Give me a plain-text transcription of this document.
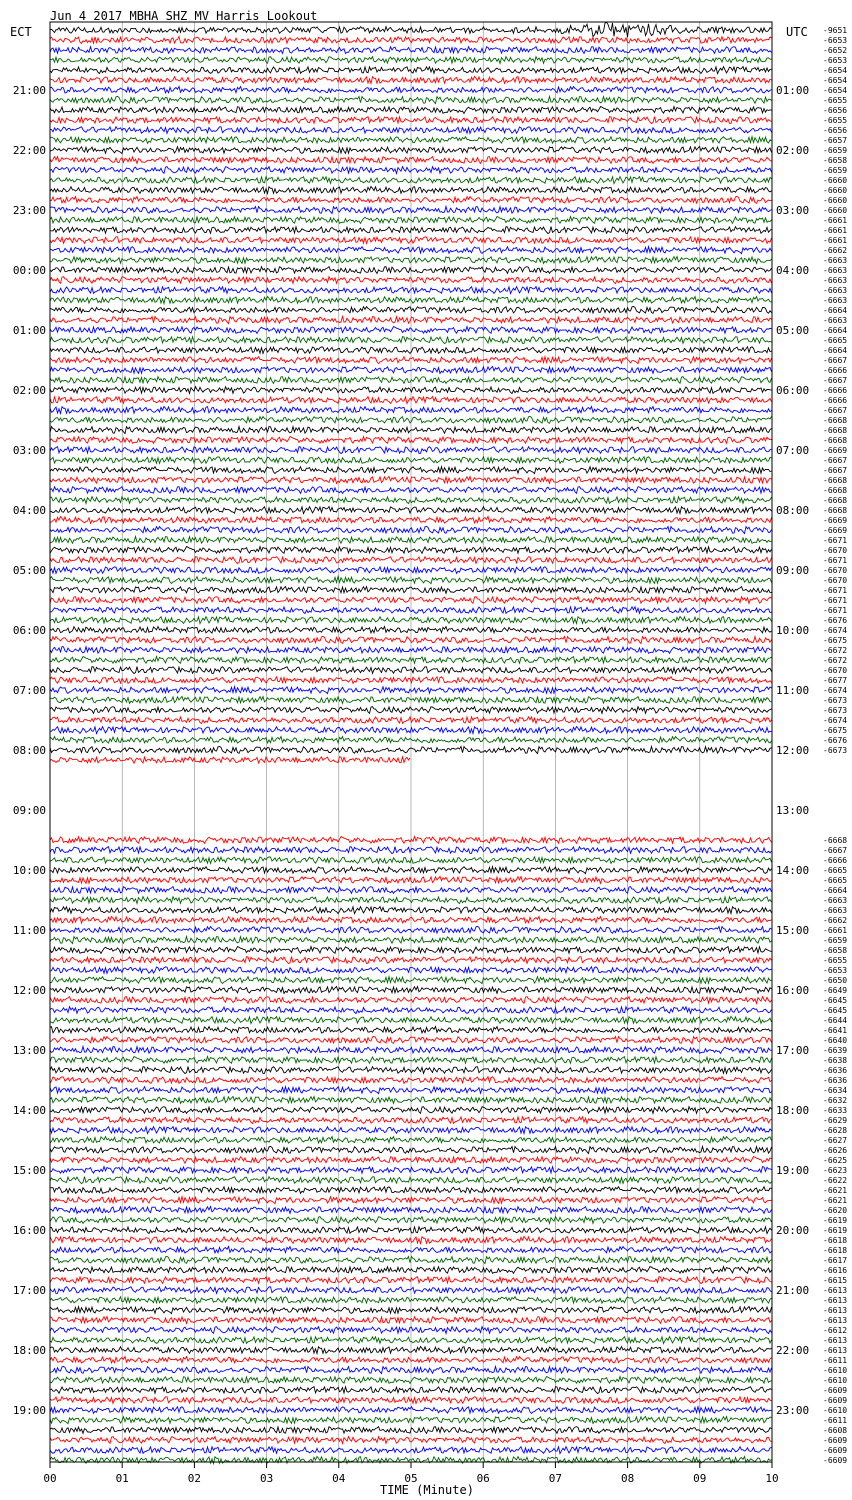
Jun 4 2017 MBHA SHZ MV Harris Lookout
ECT	UTC
TIME (Minute)
00	01	02	03	04	05	06	07	08	09	10
21:00	01:00
22:00	02:00
23:00	03:00
00:00	04:00
01:00	05:00
02:00	06:00
03:00	07:00
04:00	08:00
05:00	09:00
06:00	10:00
07:00	11:00
08:00	12:00
09:00	13:00
10:00	14:00
11:00	15:00
12:00	16:00
13:00	17:00
14:00	18:00
15:00	19:00
16:00	20:00
17:00	21:00
18:00	22:00
19:00	23:00
-9651
-6653
-6652
-6653
-6654
-6654
-6654
-6655
-6656
-6655
-6656
-6657
-6659
-6658
-6659
-6660
-6660
-6660
-6660
-6661
-6661
-6661
-6662
-6663
-6663
-6663
-6663
-6663
-6664
-6663
-6664
-6665
-6664
-6667
-6666
-6667
-6666
-6666
-6667
-6668
-6668
-6668
-6669
-6667
-6667
-6668
-6668
-6668
-6668
-6669
-6669
-6671
-6670
-6671
-6670
-6670
-6671
-6671
-6671
-6676
-6674
-6675
-6672
-6672
-6670
-6677
-6674
-6673
-6673
-6674
-6675
-6676
-6673
-6668
-6667
-6666
-6665
-6665
-6664
-6663
-6663
-6662
-6661
-6659
-6658
-6655
-6653
-6650
-6649
-6645
-6645
-6644
-6641
-6640
-6639
-6638
-6636
-6636
-6634
-6632
-6633
-6629
-6628
-6627
-6626
-6625
-6623
-6622
-6621
-6621
-6620
-6619
-6619
-6618
-6618
-6617
-6616
-6615
-6613
-6613
-6613
-6613
-6612
-6613
-6613
-6611
-6610
-6610
-6609
-6609
-6610
-6611
-6608
-6609
-6609
-6609
